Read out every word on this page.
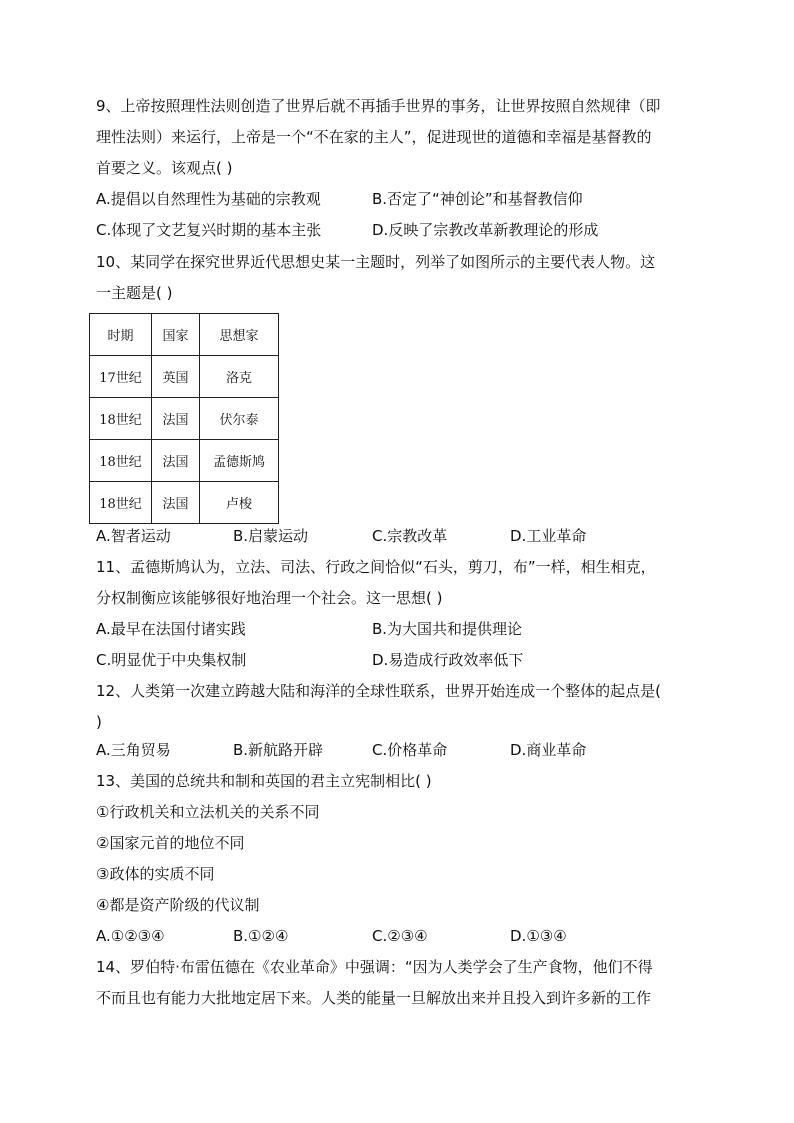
9、上帝按照理性法则创造了世界后就不再插手世界的事务，让世界按照自然规律（即
理性法则）来运行，上帝是一个“不在家的主人”，促进现世的道德和幸福是基督教的
首要之义。该观点( )
A.提倡以自然理性为基础的宗教观	B.否定了“神创论”和基督教信仰
C.体现了文艺复兴时期的基本主张	D.反映了宗教改革新教理论的形成
10、某同学在探究世界近代思想史某一主题时，列举了如图所示的主要代表人物。这
一主题是( )
时期	国家	思想家
17世纪	英国	洛克
18世纪	法国	伏尔泰
18世纪	法国	孟德斯鸠
18世纪	法国	卢梭
A.智者运动	B.启蒙运动	C.宗教改革	D.工业革命
11、孟德斯鸠认为，立法、司法、行政之间恰似“石头，剪刀，布”一样，相生相克，
分权制衡应该能够很好地治理一个社会。这一思想( )
A.最早在法国付诸实践	B.为大国共和提供理论
C.明显优于中央集权制	D.易造成行政效率低下
12、人类第一次建立跨越大陆和海洋的全球性联系，世界开始连成一个整体的起点是(
)
A.三角贸易	B.新航路开辟	C.价格革命	D.商业革命
13、美国的总统共和制和英国的君主立宪制相比( )
①行政机关和立法机关的关系不同
②国家元首的地位不同
③政体的实质不同
④都是资产阶级的代议制
A.①②③④	B.①②④	C.②③④	D.①③④
14、罗伯特·布雷伍德在《农业革命》中强调：“因为人类学会了生产食物，他们不得
不而且也有能力大批地定居下来。人类的能量一旦解放出来并且投入到许多新的工作
